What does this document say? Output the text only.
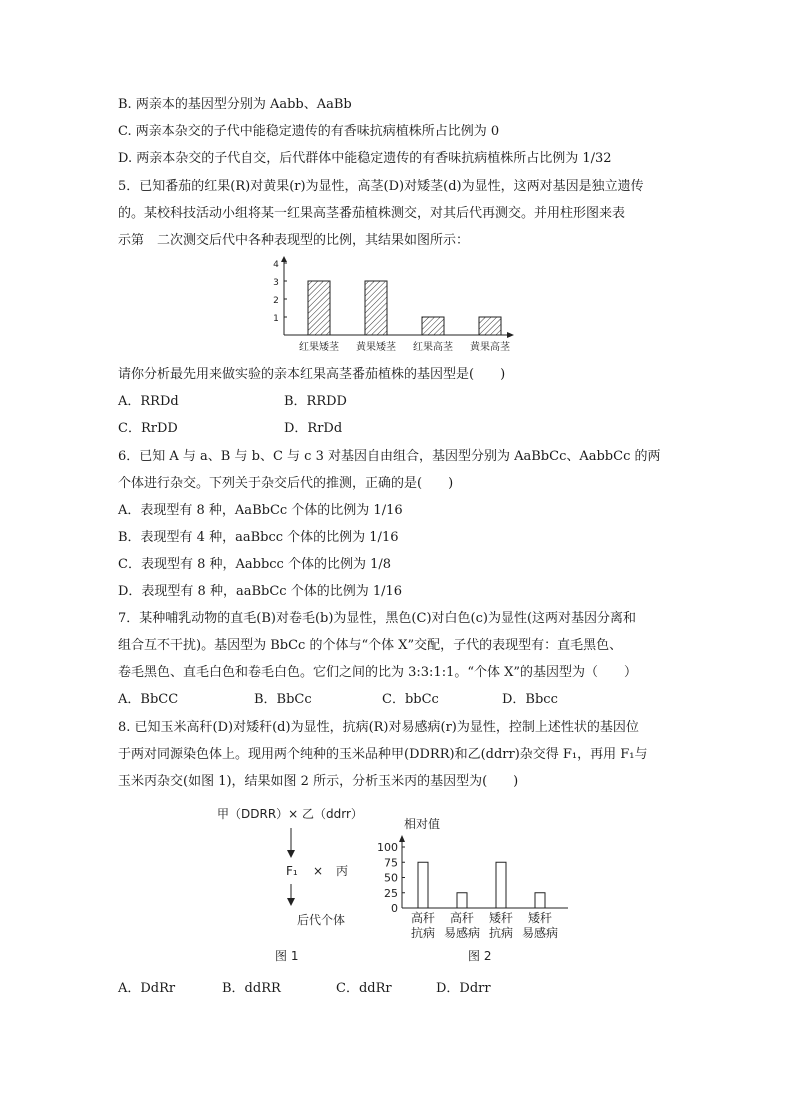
B. 两亲本的基因型分别为 Aabb、AaBb
C. 两亲本杂交的子代中能稳定遗传的有香味抗病植株所占比例为 0
D. 两亲本杂交的子代自交，后代群体中能稳定遗传的有香味抗病植株所占比例为 1/32
5．已知番茄的红果(R)对黄果(r)为显性，高茎(D)对矮茎(d)为显性，这两对基因是独立遗传
的。某校科技活动小组将某一红果高茎番茄植株测交，对其后代再测交。并用柱形图来表
示第　二次测交后代中各种表现型的比例，其结果如图所示：
1
2
3
4
红果矮茎 黄果矮茎 红果高茎 黄果高茎
请你分析最先用来做实验的亲本红果高茎番茄植株的基因型是(　　)
A．RRDd	B．RRDD
C．RrDD	D．RrDd
6．已知 A 与 a、B 与 b、C 与 c 3 对基因自由组合，基因型分别为 AaBbCc、AabbCc 的两
个体进行杂交。下列关于杂交后代的推测，正确的是(　　)
A．表现型有 8 种，AaBbCc 个体的比例为 1/16
B．表现型有 4 种，aaBbcc 个体的比例为 1/16
C．表现型有 8 种，Aabbcc 个体的比例为 1/8
D．表现型有 8 种，aaBbCc 个体的比例为 1/16
7．某种哺乳动物的直毛(B)对卷毛(b)为显性，黑色(C)对白色(c)为显性(这两对基因分离和
组合互不干扰)。基因型为 BbCc 的个体与“个体 X”交配，子代的表现型有：直毛黑色、
卷毛黑色、直毛白色和卷毛白色。它们之间的比为 3:3:1:1。“个体 X”的基因型为（　　）
A．BbCC	B．BbCc	C．bbCc	D．Bbcc
8. 已知玉米高秆(D)对矮秆(d)为显性，抗病(R)对易感病(r)为显性，控制上述性状的基因位
于两对同源染色体上。现用两个纯种的玉米品种甲(DDRR)和乙(ddrr)杂交得 F₁，再用 F₁与
玉米丙杂交(如图 1)，结果如图 2 所示，分析玉米丙的基因型为(　　)
甲（DDRR）× 乙（ddrr）
F₁ × 丙
后代个体
图 1
相对值
0
25
50
75
100
高秆
抗病
高秆
易感病
矮秆
抗病
矮秆
易感病
图 2
A．DdRr	B．ddRR	C．ddRr	D．Ddrr
